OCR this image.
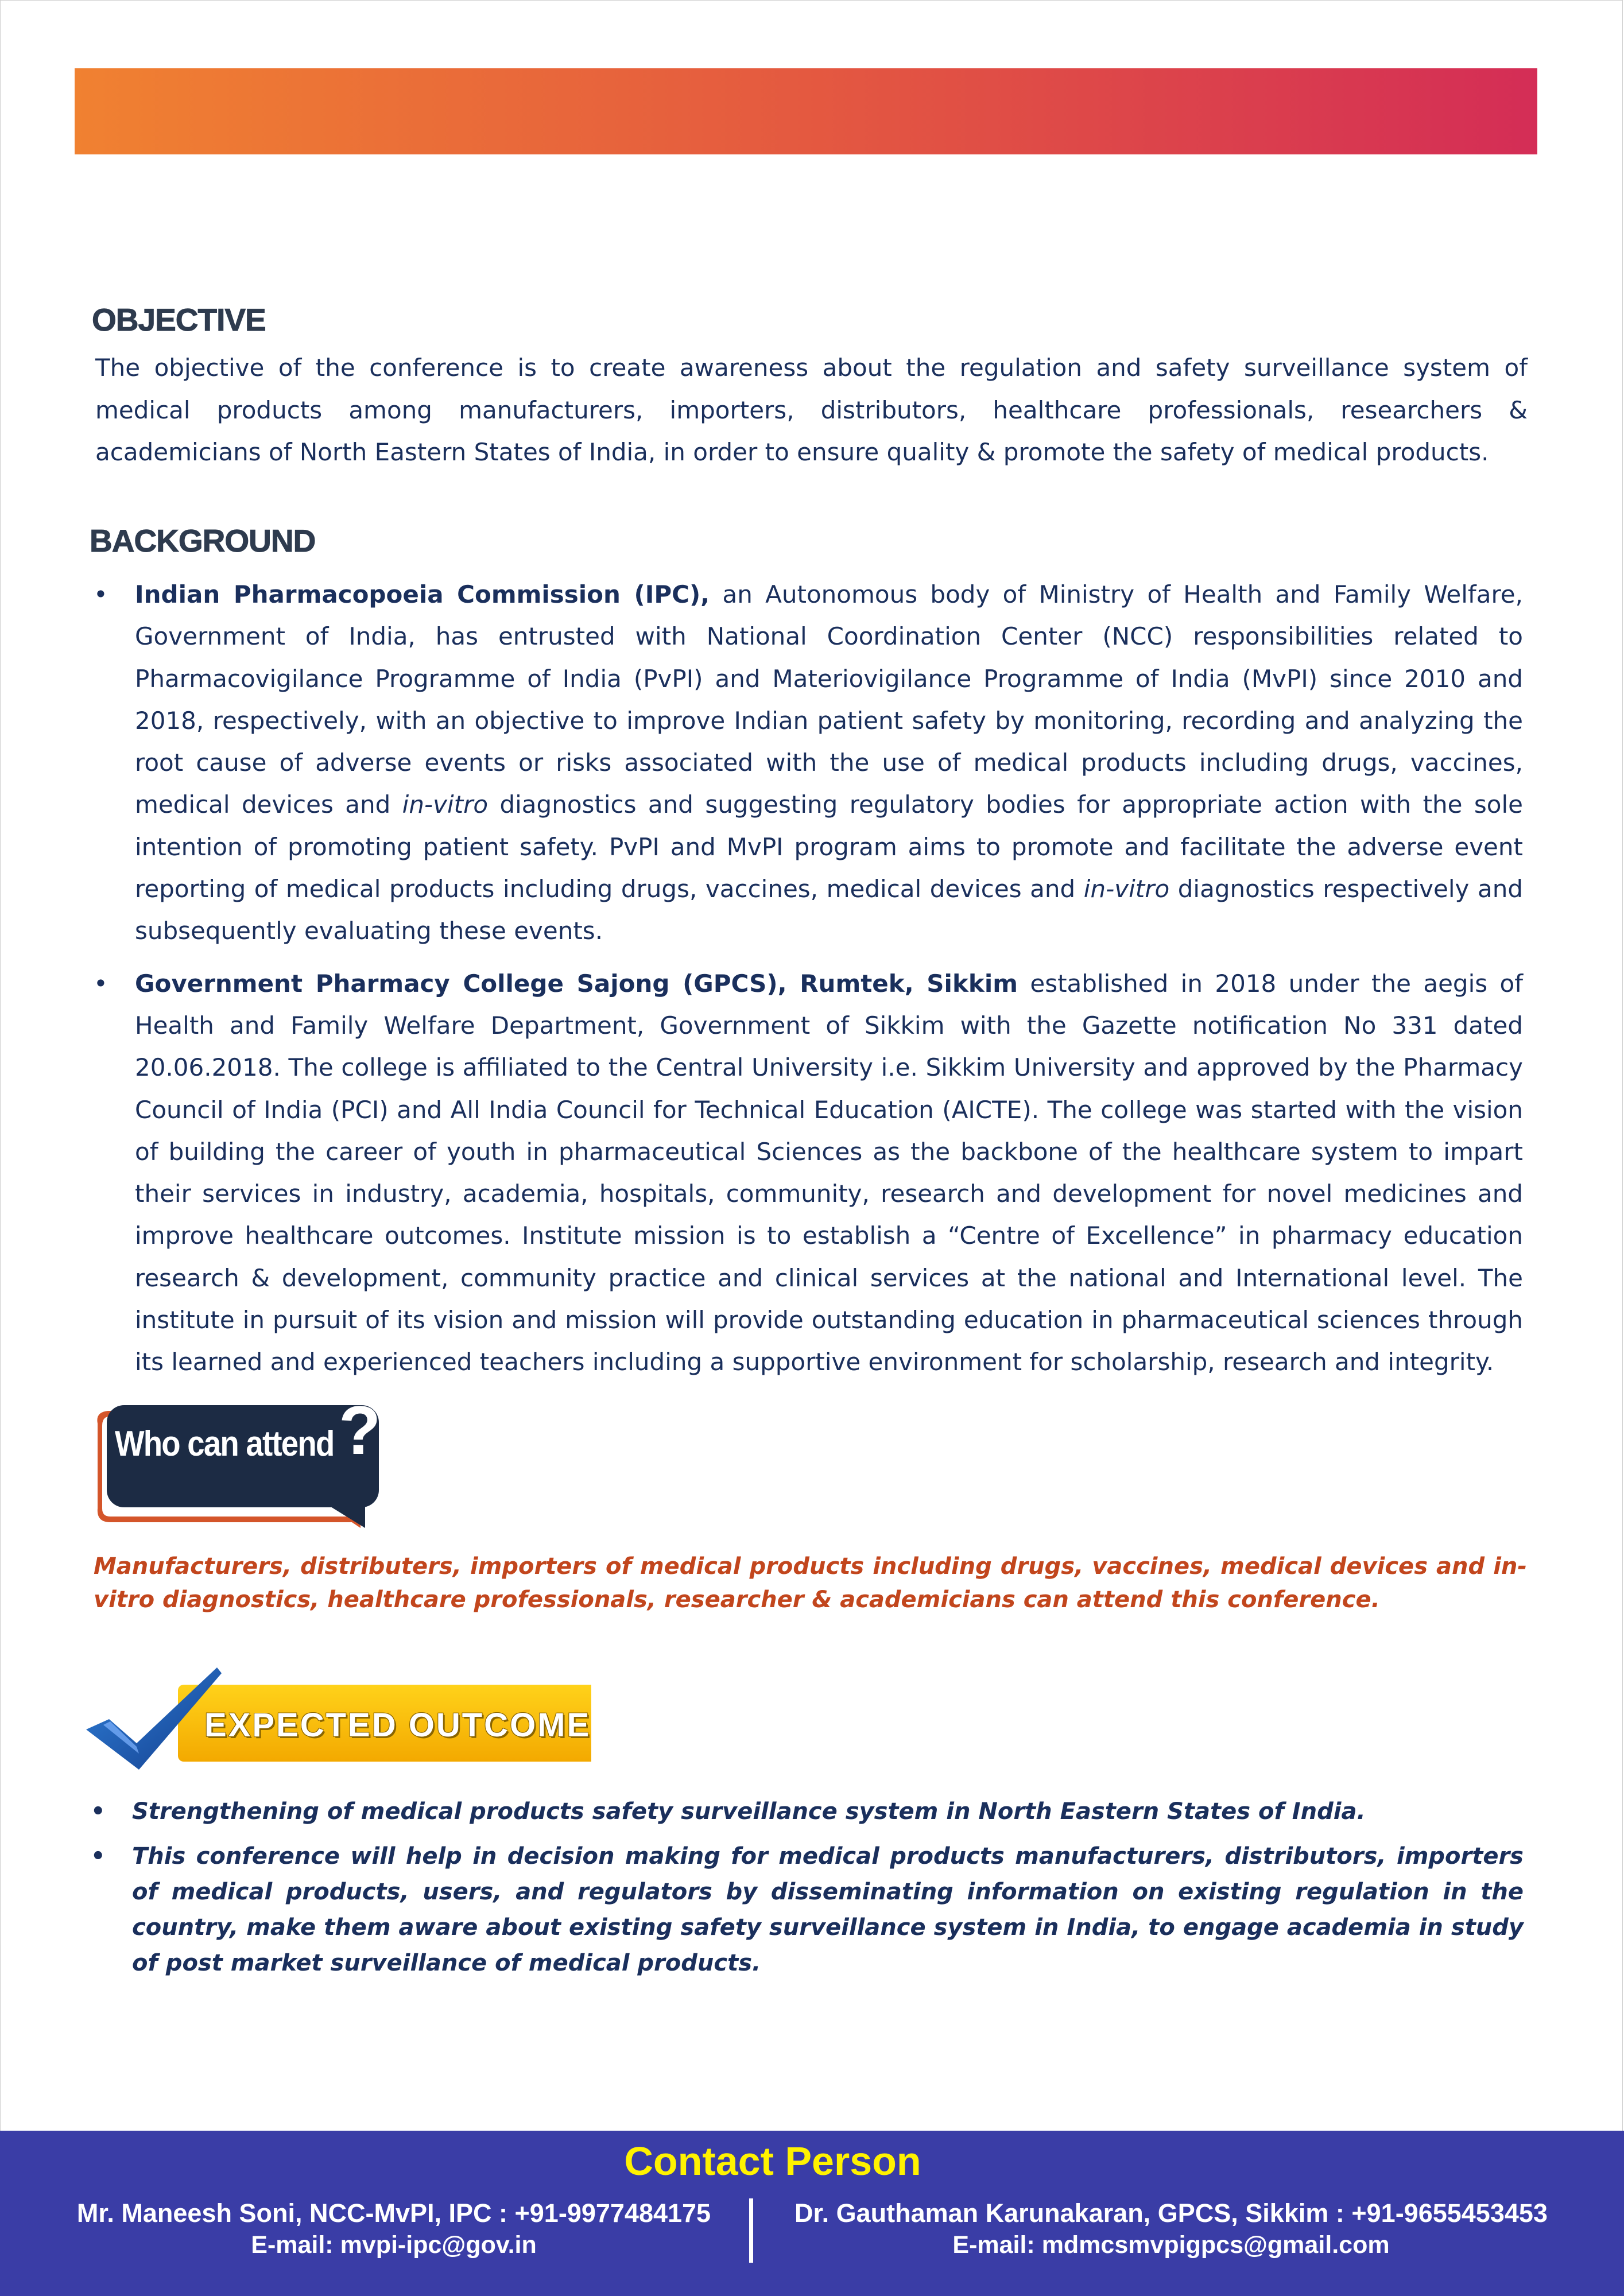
OBJECTIVE

The objective of the conference is to create awareness about the regulation and safety surveillance system of medical products among manufacturers, importers, distributors, healthcare professionals, researchers & academicians of North Eastern States of India, in order to ensure quality & promote the safety of medical products.

BACKGROUND
• Indian Pharmacopoeia Commission (IPC), an Autonomous body of Ministry of Health and Family Welfare, Government of India, has entrusted with National Coordination Center (NCC) responsibilities related to Pharmacovigilance Programme of India (PvPI) and Materiovigilance Programme of India (MvPI) since 2010 and 2018, respectively, with an objective to improve Indian patient safety by monitoring, recording and analyzing the root cause of adverse events or risks associated with the use of medical products including drugs, vaccines, medical devices and in-vitro diagnostics and suggesting regulatory bodies for appropriate action with the sole intention of promoting patient safety. PvPI and MvPI program aims to promote and facilitate the adverse event reporting of medical products including drugs, vaccines, medical devices and in-vitro diagnostics respectively and subsequently evaluating these events.
• Government Pharmacy College Sajong (GPCS), Rumtek, Sikkim established in 2018 under the aegis of Health and Family Welfare Department, Government of Sikkim with the Gazette notification No 331 dated 20.06.2018. The college is affiliated to the Central University i.e. Sikkim University and approved by the Pharmacy Council of India (PCI) and All India Council for Technical Education (AICTE). The college was started with the vision of building the career of youth in pharmaceutical Sciences as the backbone of the healthcare system to impart their services in industry, academia, hospitals, community, research and development for novel medicines and improve healthcare outcomes. Institute mission is to establish a “Centre of Excellence” in pharmacy education research & development, community practice and clinical services at the national and International level. The institute in pursuit of its vision and mission will provide outstanding education in pharmaceutical sciences through its learned and experienced teachers including a supportive environment for scholarship, research and integrity.

Who can attend ?

Manufacturers, distributers, importers of medical products including drugs, vaccines, medical devices and in-vitro diagnostics, healthcare professionals, researcher & academicians can attend this conference.

EXPECTED OUTCOME

• Strengthening of medical products safety surveillance system in North Eastern States of India.
• This conference will help in decision making for medical products manufacturers, distributors, importers of medical products, users, and regulators by disseminating information on existing regulation in the country, make them aware about existing safety surveillance system in India, to engage academia in study of post market surveillance of medical products.

Contact Person

Mr. Maneesh Soni, NCC-MvPI, IPC : +91-9977484175
E-mail: mvpi-ipc@gov.in
Dr. Gauthaman Karunakaran, GPCS, Sikkim : +91-9655453453
E-mail: mdmcsmvpigpcs@gmail.com
